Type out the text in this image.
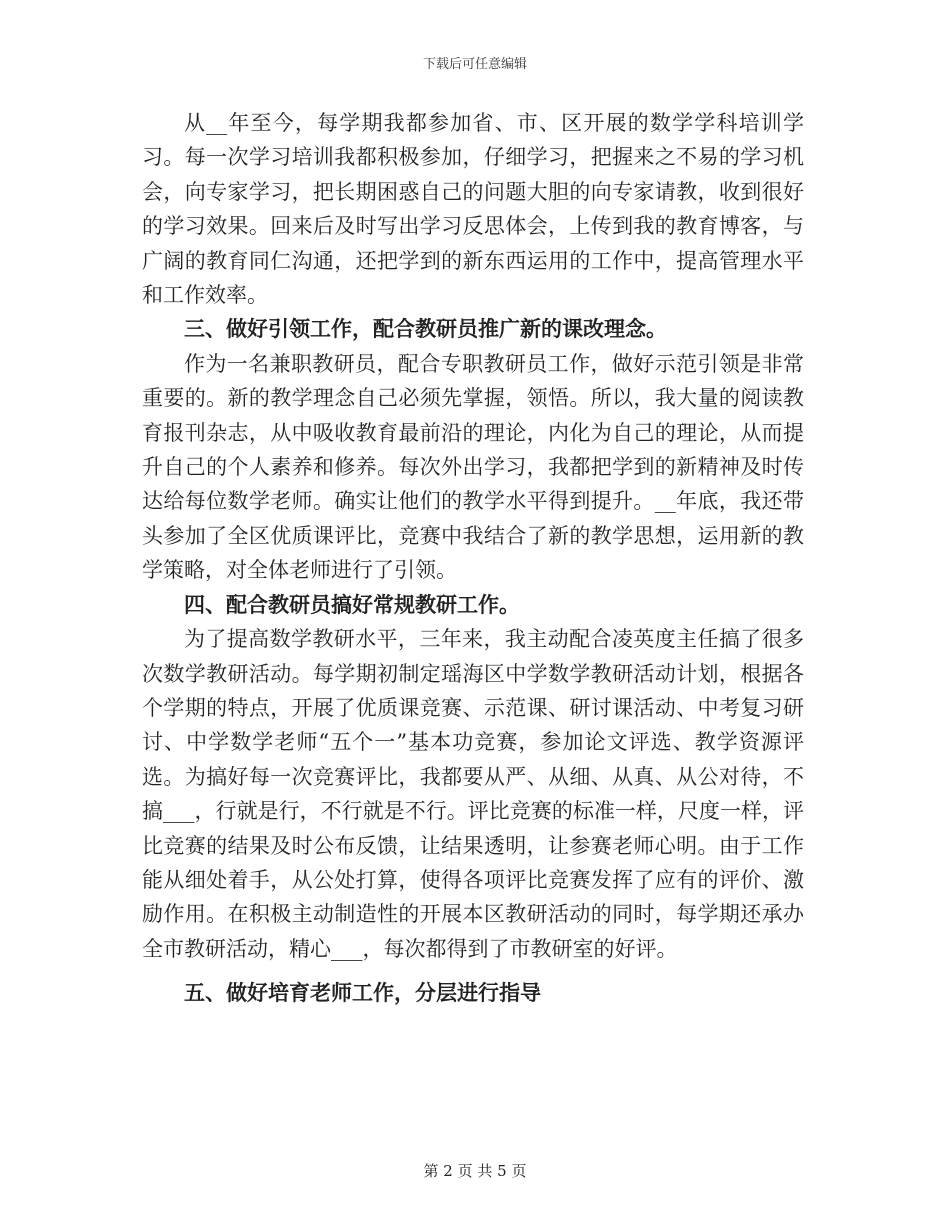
下载后可任意编辑

从__年至今，每学期我都参加省、市、区开展的数学学科培训学习。每一次学习培训我都积极参加，仔细学习，把握来之不易的学习机会，向专家学习，把长期困惑自己的问题大胆的向专家请教，收到很好的学习效果。回来后及时写出学习反思体会，上传到我的教育博客，与广阔的教育同仁沟通，还把学到的新东西运用的工作中，提高管理水平和工作效率。

三、做好引领工作，配合教研员推广新的课改理念。

作为一名兼职教研员，配合专职教研员工作，做好示范引领是非常重要的。新的教学理念自己必须先掌握，领悟。所以，我大量的阅读教育报刊杂志，从中吸收教育最前沿的理论，内化为自己的理论，从而提升自己的个人素养和修养。每次外出学习，我都把学到的新精神及时传达给每位数学老师。确实让他们的教学水平得到提升。__年底，我还带头参加了全区优质课评比，竞赛中我结合了新的教学思想，运用新的教学策略，对全体老师进行了引领。

四、配合教研员搞好常规教研工作。

为了提高数学教研水平，三年来，我主动配合凌英度主任搞了很多次数学教研活动。每学期初制定瑶海区中学数学教研活动计划，根据各个学期的特点，开展了优质课竞赛、示范课、研讨课活动、中考复习研讨、中学数学老师“五个一”基本功竞赛，参加论文评选、教学资源评选。为搞好每一次竞赛评比，我都要从严、从细、从真、从公对待，不搞___，行就是行，不行就是不行。评比竞赛的标准一样，尺度一样，评比竞赛的结果及时公布反馈，让结果透明，让参赛老师心明。由于工作能从细处着手，从公处打算，使得各项评比竞赛发挥了应有的评价、激励作用。在积极主动制造性的开展本区教研活动的同时，每学期还承办全市教研活动，精心___，每次都得到了市教研室的好评。

五、做好培育老师工作，分层进行指导

第 2 页 共 5 页
